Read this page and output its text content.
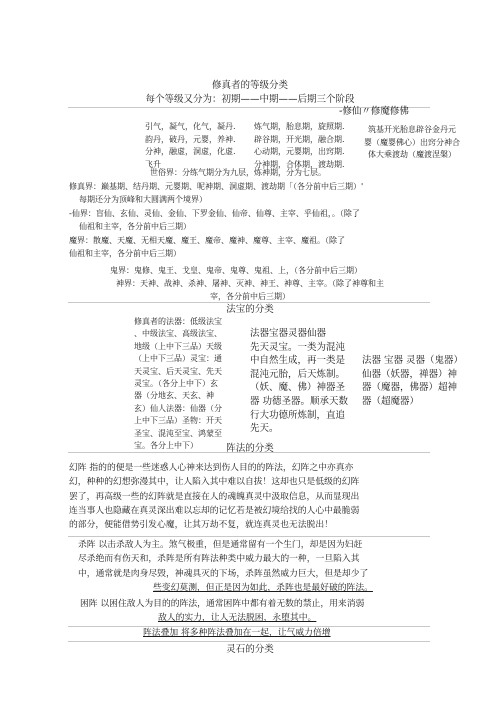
修真者的等级分类
每个等级又分为：初期——中期——后期三个阶段
-修仙〃修魔修佛
引气，凝气，化气，凝丹.
韵丹，破丹，元婴，养神.
分神，融虚，洞虚，化虚.
飞升
炼气期，胎息期，旋照期.
辟谷期，开光期，融合期.
心动期，元婴期，出窍期.
分神期，合体期，渡劫期.
筑基开光胎息辟谷金丹元
婴（魔婴佛心）出窍分神合
体大乘渡劫（魔渡涅槃）
世俗界：分练气期分为九层，炼神期，分为七层。
修真界：巅基期、结丹期、元婴期、呢神期、洞虚期、渡劫期「（各分前中后三期）'
每期还分为顶峰和大圆满两个境界）
-仙界：盲仙、玄仙、灵仙、金仙、下罗金仙、仙帝、仙尊、主宰、乎仙祖，。（除了
仙祖和主宰，各分前中后三期）
魔界：散魔、天魔、无相天魔、魔王、魔帝、魔神、魔尊、主宰、魔祖。（除了
仙祖和主宰，各分前中后三期）
鬼界：鬼修、鬼王、戈皇、鬼帝、鬼尊、鬼祖、上，（各分前中后三期）
神界：天神、战神、杀神、屠神、灭神、神王、神尊、主宰。（除了神尊和主
宰，各分前中后三期）
法宝的分类
修真者的法器：低级法宝
、中级法宝、高级法宝、
地级（上中下三品）天级
（上中下三品）灵宝：通
天灵宝、后天灵宝、先天
灵宝。（各分上中下）玄
器（分地玄、天玄、神
玄）仙人法器：仙器（分
上中下三品）圣物：开天
圣宝、混沌至宝、鸿蒙至
宝。各分上中下）
法器宝器灵器仙器
先天灵宝。一类为混沌
中自然生成，再一类是
混沌元胎，后天炼制。
（妖、魔、佛）神器圣
器 功德圣器。顺承天数
行大功德所炼制，直追
先天。
法器 宝器 灵器（鬼器）
仙器（妖器，禅器）神
器（魔器，佛器）超神
器（超魔器）
阵法的分类
幻阵 指的的便是一些迷惑人心神来达到伤人目的的阵法，幻阵之中亦真亦
幻，种种的幻想弥漫其中，让人陷入其中难以自拔！这却也只是低级的幻阵
罢了，再高级一些的幻阵就是直接在人的魂魄真灵中汲取信息，从而显现出
连当事人也隐藏在真灵深出难以忘却的记忆若是被幻境给找的人心中最脆弱
的部分，便能借势引发心魔，让其万劫不复，就连真灵也无法脱出！
杀阵 以击杀敌人为主。煞气极重，但是通常留有一个生门，却是因为妇赶
尽杀绝而有伤天和，杀阵是所有阵法种类中威力最大的一种，一旦陷入其
中，通常就是肉身尽毁，神魂具灭的下场，杀阵虽然威力巨大，但是却少了
些变幻莫测，但正是因为如此，杀阵也是最好破的阵法。
困阵 以困住敌人为目的的阵法，通常困阵中都有着无数的禁止，用来消弱
敌人的实力，让人无法脱困，永堕其中。
阵法叠加 将多种阵法叠加在一起，让气威力倍增
灵石的分类
